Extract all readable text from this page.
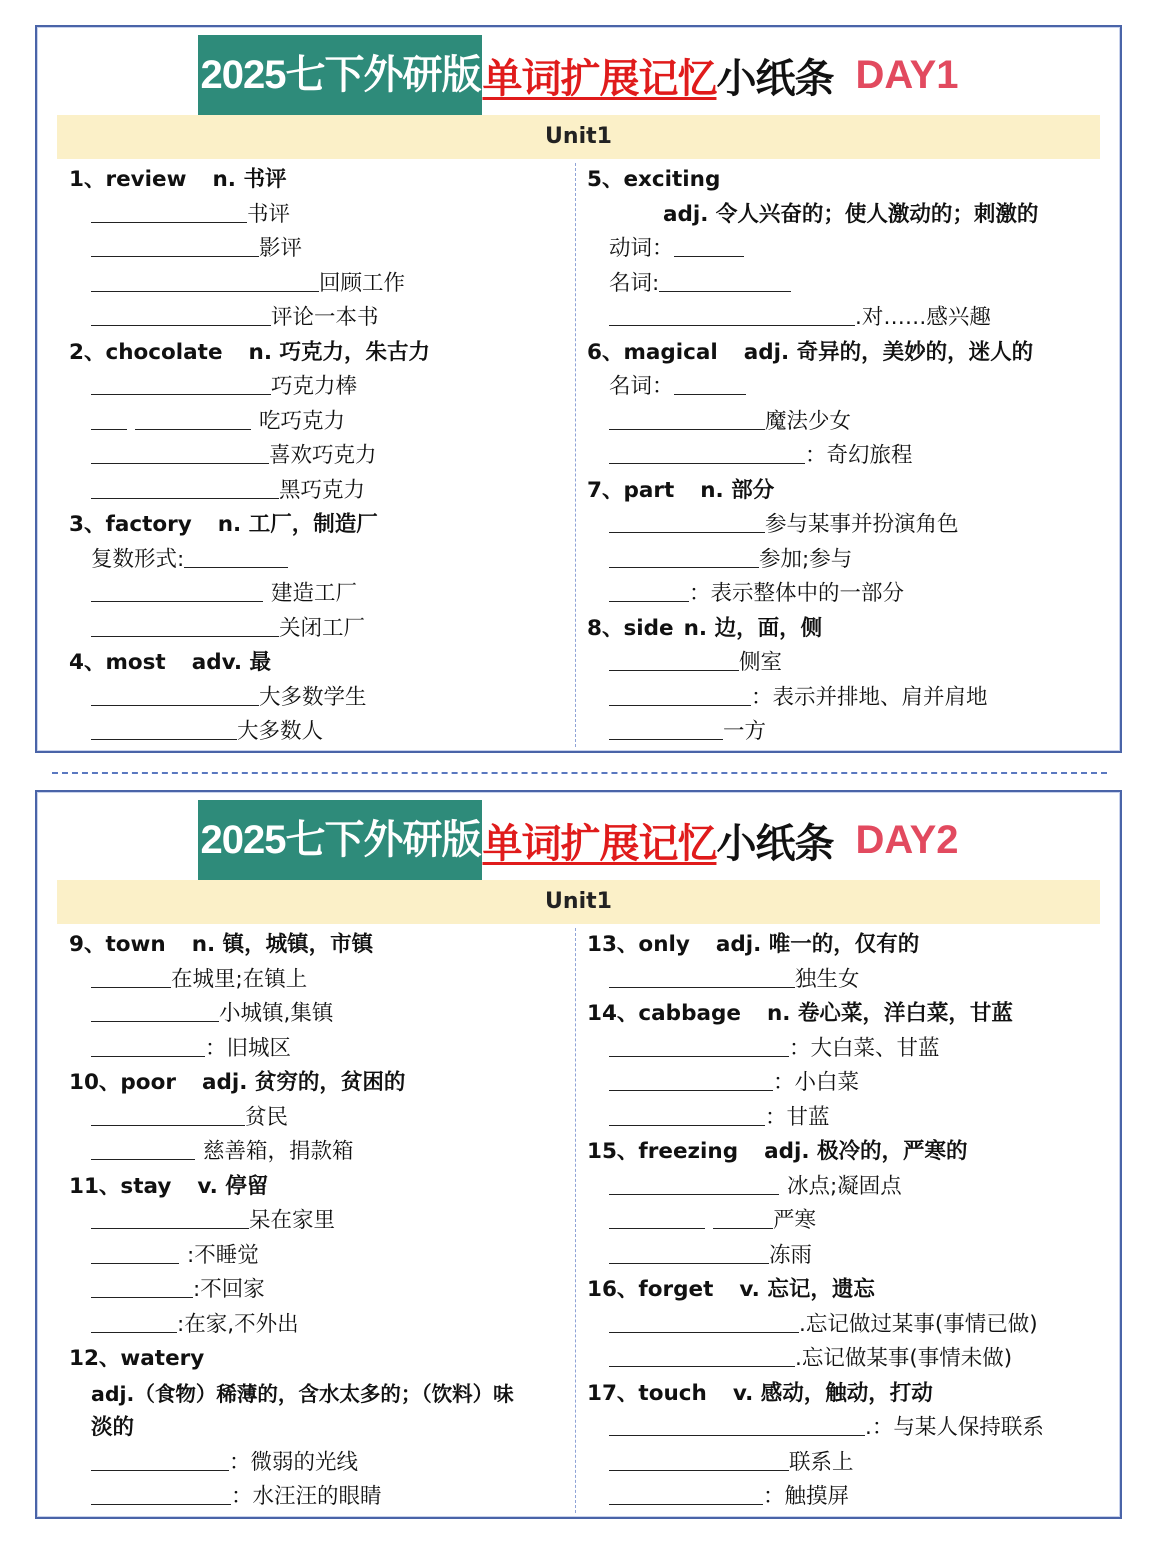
2025七下外研版 单词扩展记忆 小纸条 DAY1
Unit1
1、review n. 书评
书评
影评
回顾工作
评论一本书
2、chocolate n. 巧克力，朱古力
巧克力棒
吃巧克力
喜欢巧克力
黑巧克力
3、factory n. 工厂，制造厂
复数形式:
建造工厂
关闭工厂
4、most adv. 最
大多数学生
大多数人
5、exciting
adj. 令人兴奋的；使人激动的；刺激的
动词：
名词:
.对……感兴趣
6、magical adj. 奇异的，美妙的，迷人的
名词：
魔法少女
：奇幻旅程
7、part n. 部分
参与某事并扮演角色
参加;参与
：表示整体中的一部分
8、side n. 边，面，侧
侧室
：表示并排地、肩并肩地
一方
2025七下外研版 单词扩展记忆 小纸条 DAY2
Unit1
9、town n. 镇，城镇，市镇
在城里;在镇上
小城镇,集镇
：旧城区
10、poor adj. 贫穷的，贫困的
贫民
慈善箱，捐款箱
11、stay v. 停留
呆在家里
:不睡觉
:不回家
:在家,不外出
12、watery
adj.（食物）稀薄的，含水太多的；（饮料）味
淡的
：微弱的光线
：水汪汪的眼睛
13、only adj. 唯一的，仅有的
独生女
14、cabbage n. 卷心菜，洋白菜，甘蓝
：大白菜、甘蓝
：小白菜
：甘蓝
15、freezing adj. 极冷的，严寒的
冰点;凝固点
严寒
冻雨
16、forget v. 忘记，遗忘
.忘记做过某事(事情已做)
.忘记做某事(事情未做)
17、touch v. 感动，触动，打动
.：与某人保持联系
联系上
：触摸屏
